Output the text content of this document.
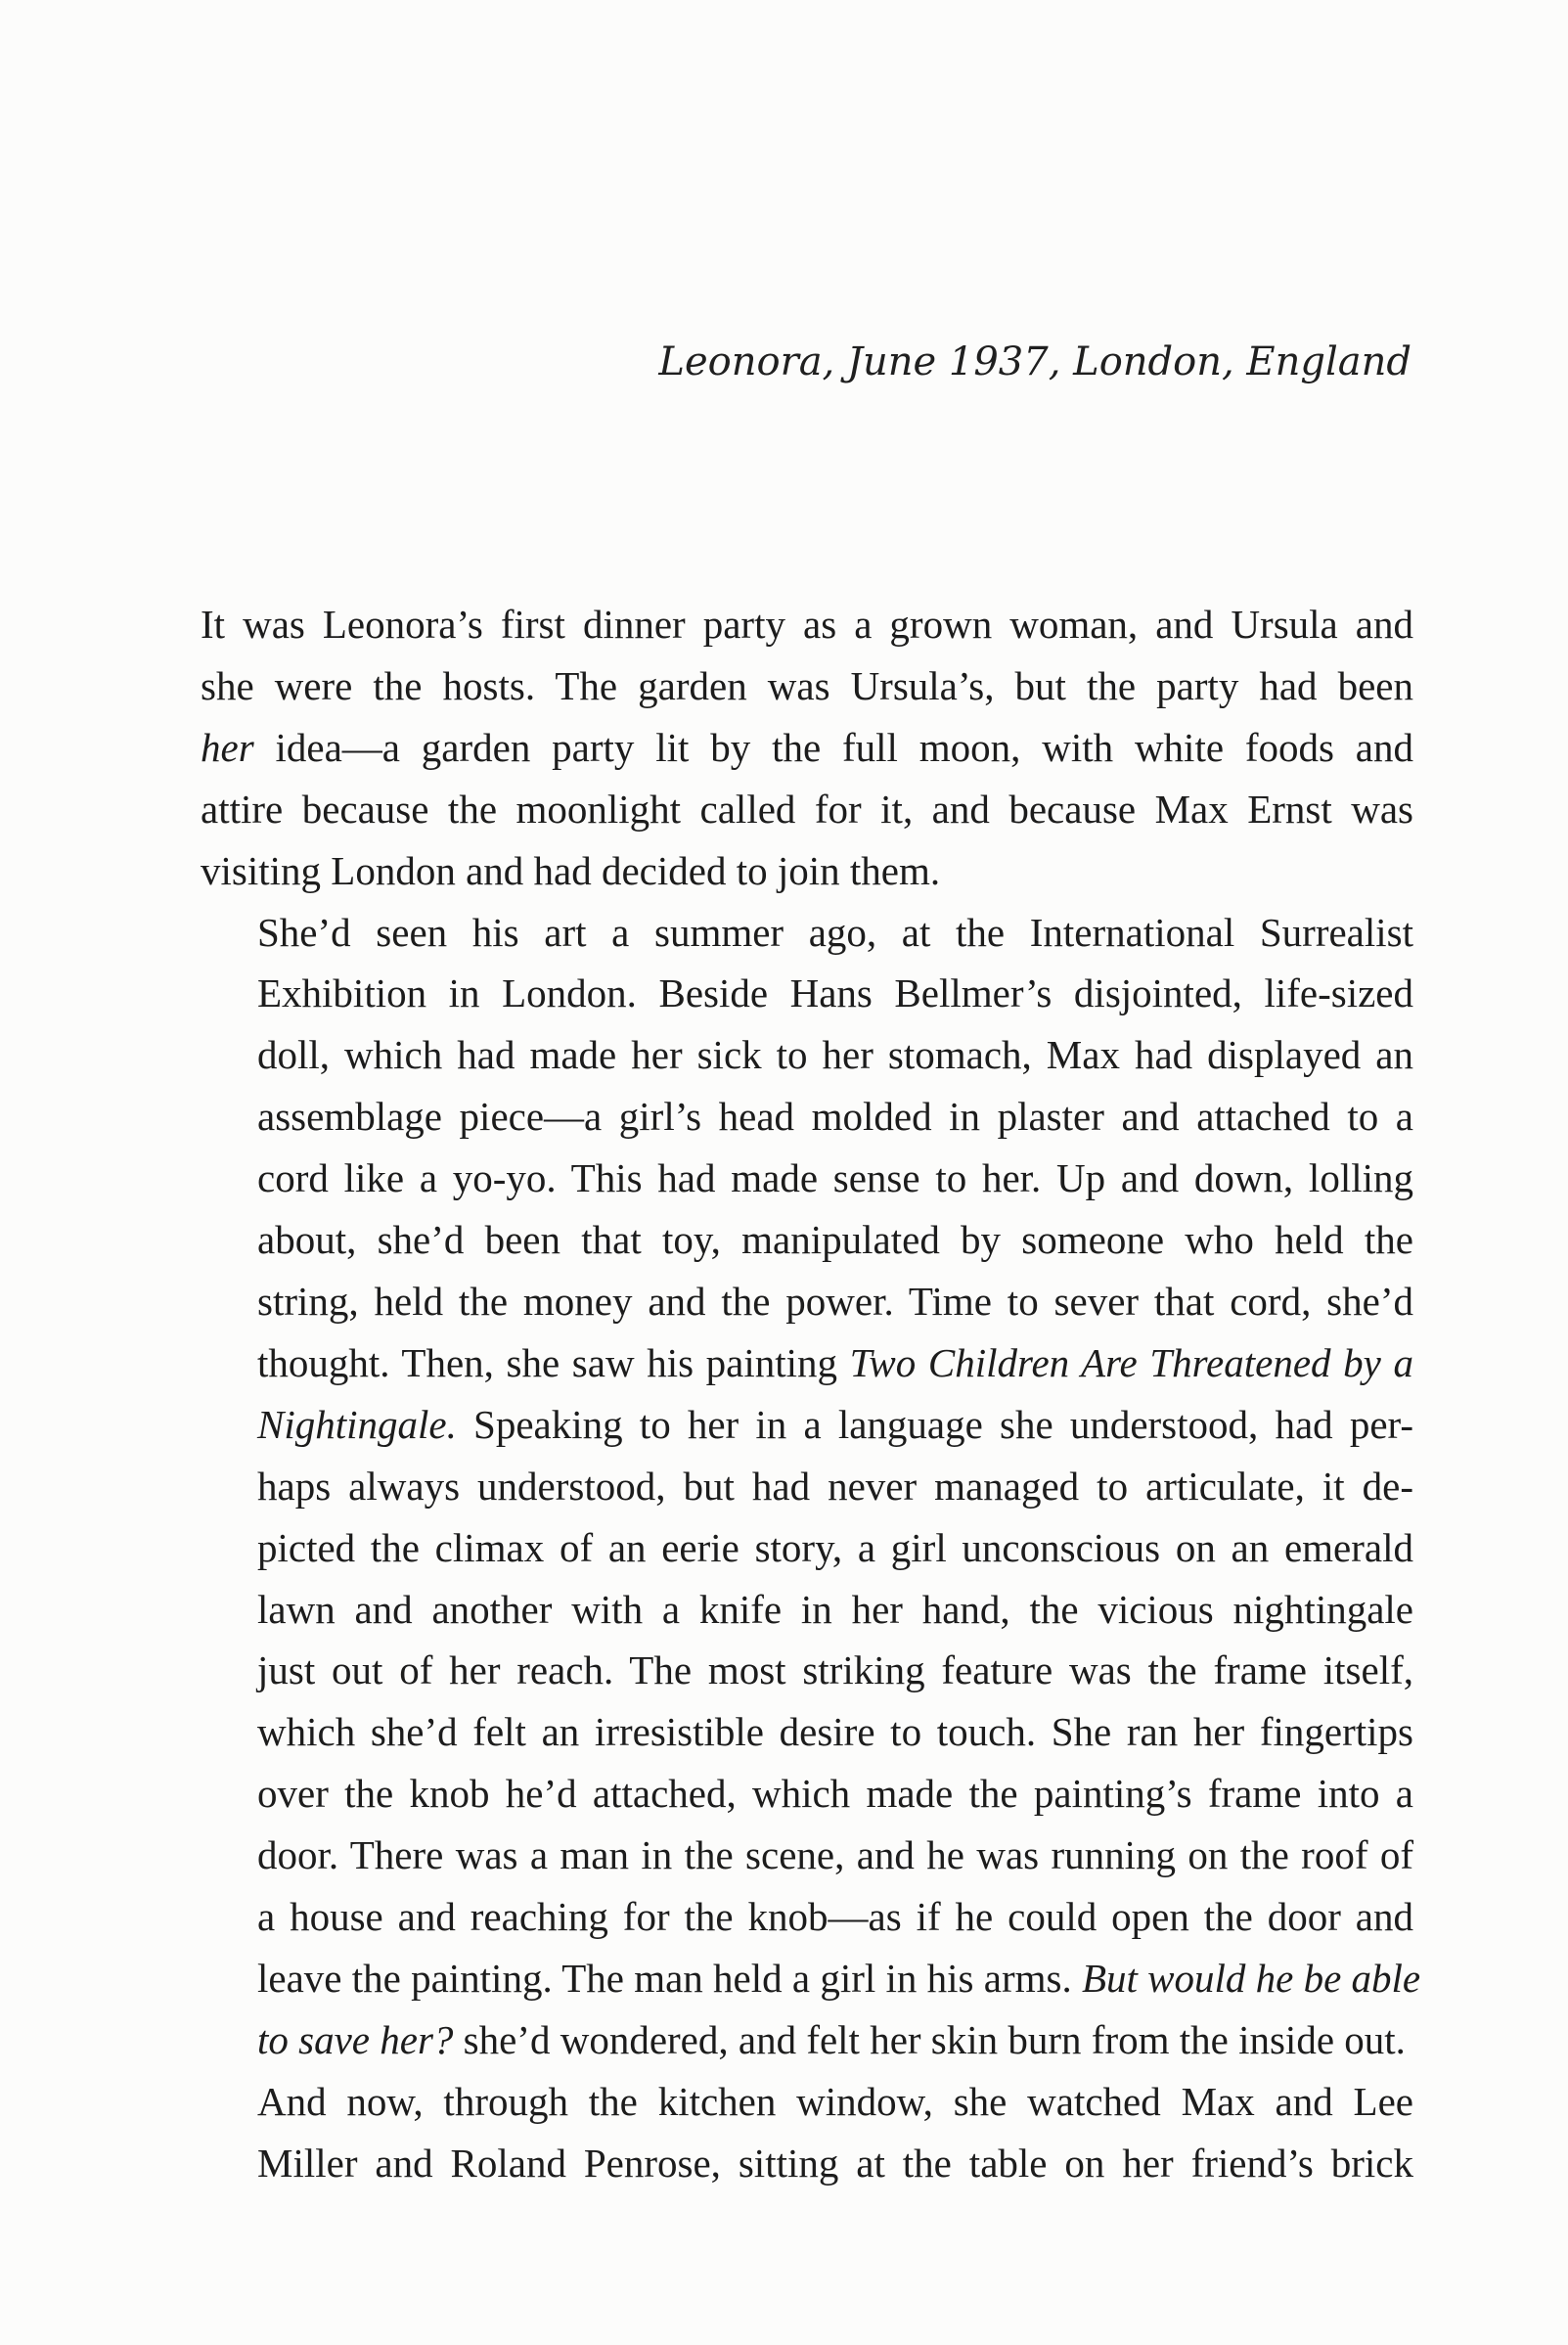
Leonora, June 1937, London, England

It was Leonora’s first dinner party as a grown woman, and Ursula and
she were the hosts. The garden was Ursula’s, but the party had been
her idea—a garden party lit by the full moon, with white foods and
attire because the moonlight called for it, and because Max Ernst was
visiting London and had decided to join them.

She’d seen his art a summer ago, at the International Surrealist
Exhibition in London. Beside Hans Bellmer’s disjointed, life-sized
doll, which had made her sick to her stomach, Max had displayed an
assemblage piece—a girl’s head molded in plaster and attached to a
cord like a yo-yo. This had made sense to her. Up and down, lolling
about, she’d been that toy, manipulated by someone who held the
string, held the money and the power. Time to sever that cord, she’d
thought. Then, she saw his painting Two Children Are Threatened by a
Nightingale. Speaking to her in a language she understood, had per-
haps always understood, but had never managed to articulate, it de-
picted the climax of an eerie story, a girl unconscious on an emerald
lawn and another with a knife in her hand, the vicious nightingale
just out of her reach. The most striking feature was the frame itself,
which she’d felt an irresistible desire to touch. She ran her fingertips
over the knob he’d attached, which made the painting’s frame into a
door. There was a man in the scene, and he was running on the roof of
a house and reaching for the knob—as if he could open the door and
leave the painting. The man held a girl in his arms. But would he be able
to save her? she’d wondered, and felt her skin burn from the inside out.

And now, through the kitchen window, she watched Max and Lee
Miller and Roland Penrose, sitting at the table on her friend’s brick
